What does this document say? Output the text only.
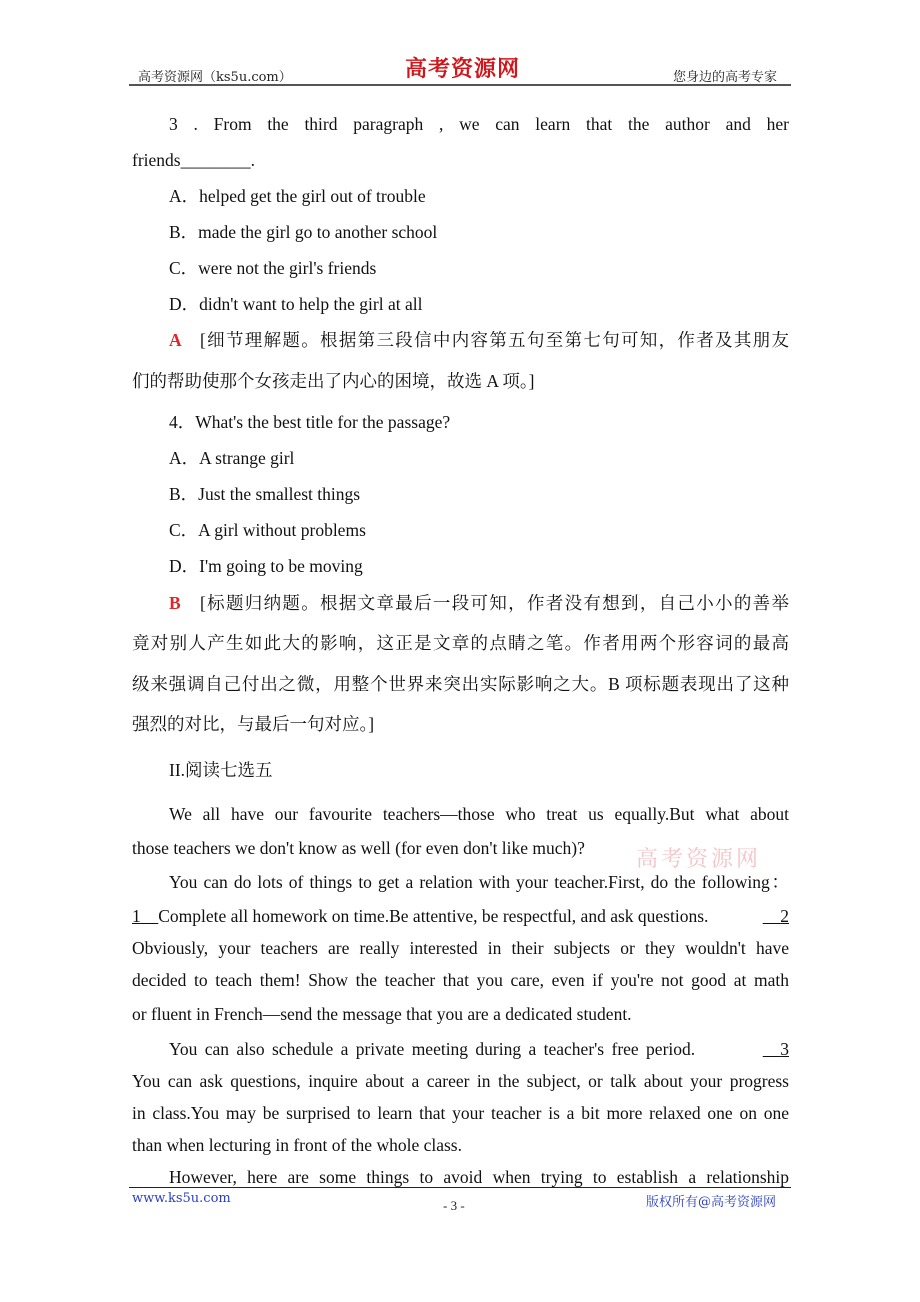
高考资源网（ks5u.com）	高考资源网	您身边的高考专家
3 . From the third paragraph , we can learn that the author and her
friends________.
A．helped get the girl out of trouble
B．made the girl go to another school
C．were not the girl's friends
D．didn't want to help the girl at all
A	[细节理解题。根据第三段信中内容第五句至第七句可知，作者及其朋友
们的帮助使那个女孩走出了内心的困境，故选 A 项。]
4．What's the best title for the passage?
A．A strange girl
B．Just the smallest things
C．A girl without problems
D．I'm going to be moving
B	[标题归纳题。根据文章最后一段可知，作者没有想到，自己小小的善举
竟对别人产生如此大的影响，这正是文章的点睛之笔。作者用两个形容词的最高
级来强调自己付出之微，用整个世界来突出实际影响之大。B 项标题表现出了这种
强烈的对比，与最后一句对应。]
II.阅读七选五
We all have our favourite teachers—those who treat us equally.But what about
those teachers we don't know as well (for even don't like much)?	高考资源网
You can do lots of things to get a relation with your teacher.First, do the following：
1 Complete all homework on time.Be attentive, be respectful, and ask questions.	2
Obviously, your teachers are really interested in their subjects or they wouldn't have
decided to teach them! Show the teacher that you care, even if you're not good at math
or fluent in French—send the message that you are a dedicated student.
You can also schedule a private meeting during a teacher's free period.	3
You can ask questions, inquire about a career in the subject, or talk about your progress
in class.You may be surprised to learn that your teacher is a bit more relaxed one on one
than when lecturing in front of the whole class.
However, here are some things to avoid when trying to establish a relationship
www.ks5u.com	- 3 -	版权所有@高考资源网
